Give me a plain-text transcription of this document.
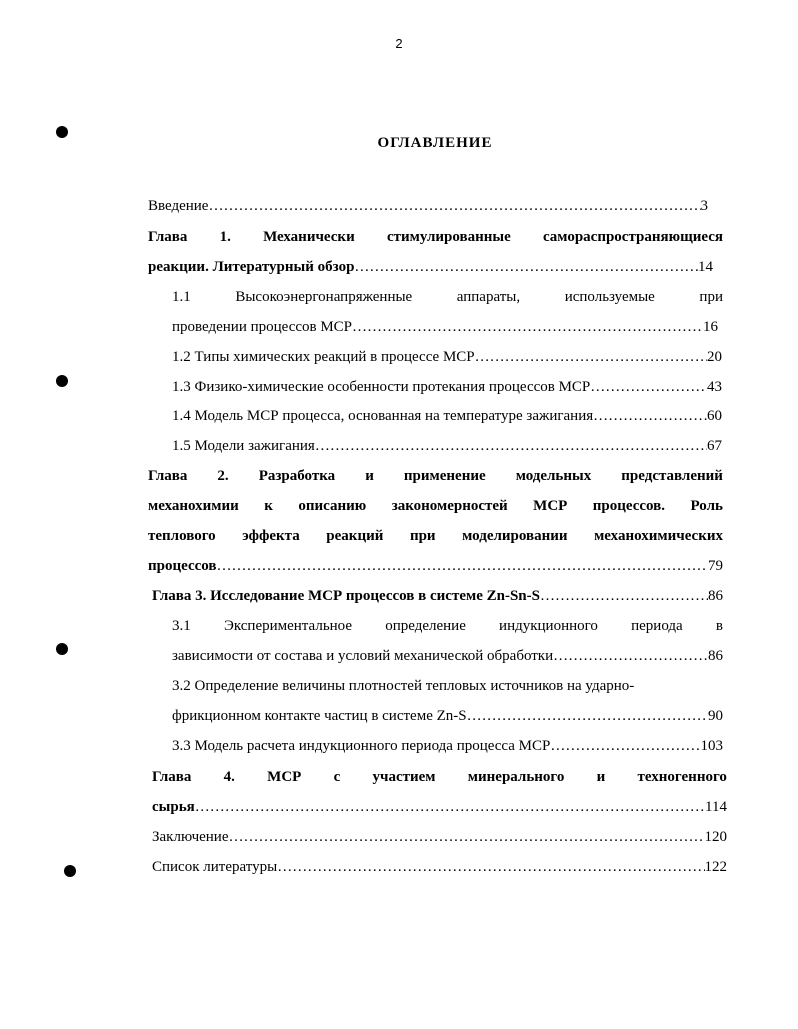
2
ОГЛАВЛЕНИЕ
Введение ……………………………………………………………………………………………………………………………………………………………	3
Глава 1. Механически стимулированные самораспространяющиеся
реакции. Литературный обзор ……………………………………………………………………………………………………………………………………………………………	14
1.1	Высокоэнергонапряженные	аппараты,	используемые	при
проведении процессов МСР ……………………………………………………………………………………………………………………………………………………………	16
1.2 Типы химических реакций в процессе МСР ……………………………………………………………………………………………………………………………………………………………	20
1.3 Физико-химические особенности протекания процессов МСР ……………………………………………………………………………………………………………………………………………………………	43
1.4 Модель МСР процесса, основанная на температуре зажигания ……………………………………………………………………………………………………………………………………………………………	60
1.5 Модели зажигания ……………………………………………………………………………………………………………………………………………………………	67
Глава 2. Разработка и применение модельных представлений
механохимии к описанию закономерностей МСР процессов. Роль
теплового эффекта реакций при моделировании механохимических
процессов ……………………………………………………………………………………………………………………………………………………………	79
Глава 3. Исследование МСР процессов в системе Zn-Sn-S ……………………………………………………………………………………………………………………………………………………………	86
3.1 Экспериментальное определение индукционного периода в
зависимости от состава и условий механической обработки ……………………………………………………………………………………………………………………………………………………………	86
3.2 Определение величины плотностей тепловых источников на ударно-
фрикционном контакте частиц в системе Zn-S ……………………………………………………………………………………………………………………………………………………………	90
3.3 Модель расчета индукционного периода процесса МСР ……………………………………………………………………………………………………………………………………………………………	103
Глава 4. МСР с участием минерального и техногенного
сырья ……………………………………………………………………………………………………………………………………………………………	114
Заключение ……………………………………………………………………………………………………………………………………………………………	120
Список литературы ……………………………………………………………………………………………………………………………………………………………	122
